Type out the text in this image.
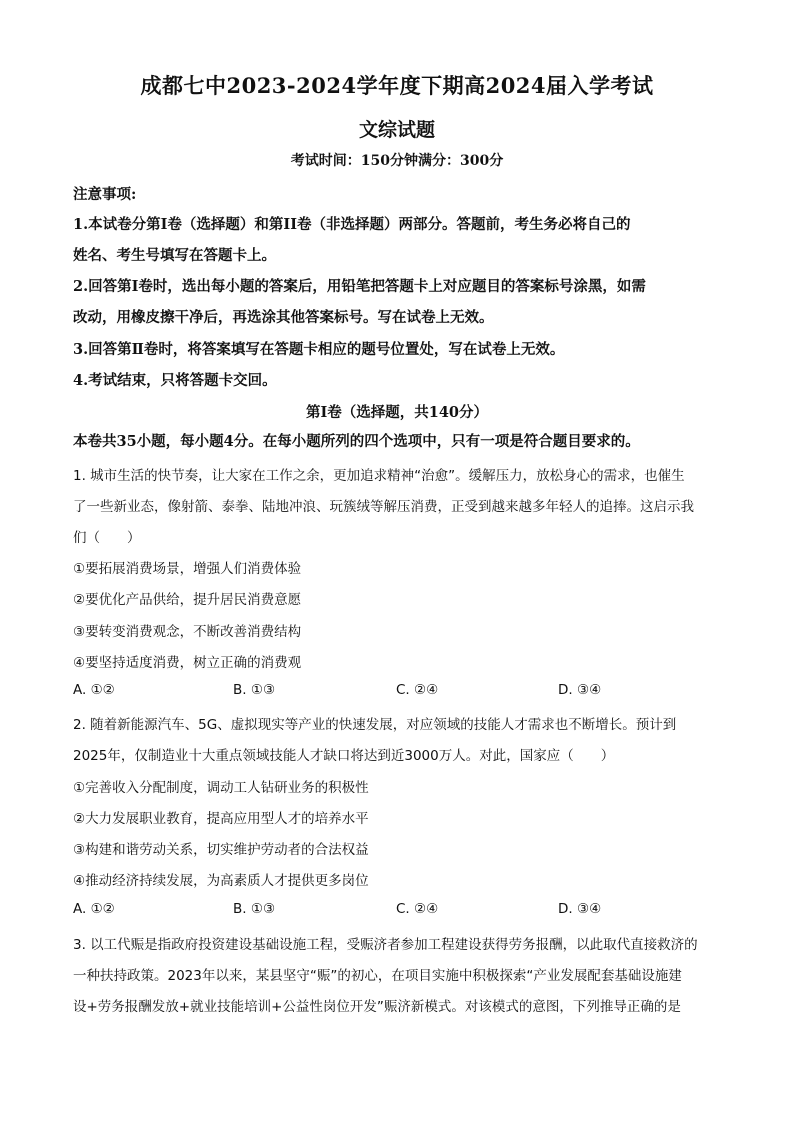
成都七中2023-2024学年度下期高2024届入学考试
文综试题
考试时间：150分钟满分：300分
注意事项:
1.本试卷分第Ⅰ卷（选择题）和第II卷（非选择题）两部分。答题前，考生务必将自己的
姓名、考生号填写在答题卡上。
2.回答第Ⅰ卷时，选出每小题的答案后，用铅笔把答题卡上对应题目的答案标号涂黑，如需
改动，用橡皮擦干净后，再选涂其他答案标号。写在试卷上无效。
3.回答第Ⅱ卷时，将答案填写在答题卡相应的题号位置处，写在试卷上无效。
4.考试结束，只将答题卡交回。
第Ⅰ卷（选择题，共140分）
本卷共35小题，每小题4分。在每小题所列的四个选项中，只有一项是符合题目要求的。
1. 城市生活的快节奏，让大家在工作之余，更加追求精神“治愈”。缓解压力，放松身心的需求，也催生
了一些新业态，像射箭、泰拳、陆地冲浪、玩簇绒等解压消费，正受到越来越多年轻人的追捧。这启示我
们（　　）
①要拓展消费场景，增强人们消费体验
②要优化产品供给，提升居民消费意愿
③要转变消费观念，不断改善消费结构
④要坚持适度消费，树立正确的消费观
A. ①②	B. ①③	C. ②④	D. ③④
2. 随着新能源汽车、5G、虚拟现实等产业的快速发展，对应领域的技能人才需求也不断增长。预计到
2025年，仅制造业十大重点领域技能人才缺口将达到近3000万人。对此，国家应（　　）
①完善收入分配制度，调动工人钻研业务的积极性
②大力发展职业教育，提高应用型人才的培养水平
③构建和谐劳动关系，切实维护劳动者的合法权益
④推动经济持续发展，为高素质人才提供更多岗位
A. ①②	B. ①③	C. ②④	D. ③④
3. 以工代赈是指政府投资建设基础设施工程，受赈济者参加工程建设获得劳务报酬，以此取代直接救济的
一种扶持政策。2023年以来，某县坚守“赈”的初心，在项目实施中积极探索“产业发展配套基础设施建
设+劳务报酬发放+就业技能培训+公益性岗位开发”赈济新模式。对该模式的意图，下列推导正确的是
